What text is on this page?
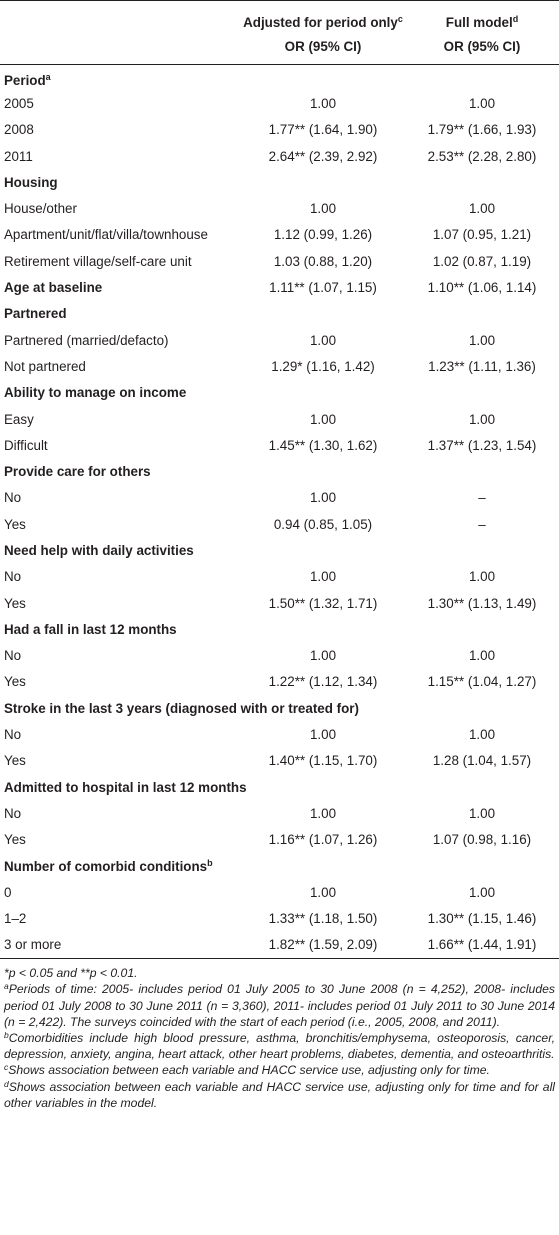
	Adjusted for period only$^c$	Full model$^d$
	OR (95% CI)	OR (95% CI)
Period$^a$		
2005	1.00	1.00
2008	1.77** (1.64, 1.90)	1.79** (1.66, 1.93)
2011	2.64** (2.39, 2.92)	2.53** (2.28, 2.80)
Housing		
House/other	1.00	1.00
Apartment/unit/flat/villa/townhouse	1.12 (0.99, 1.26)	1.07 (0.95, 1.21)
Retirement village/self-care unit	1.03 (0.88, 1.20)	1.02 (0.87, 1.19)
Age at baseline	1.11** (1.07, 1.15)	1.10** (1.06, 1.14)
Partnered		
Partnered (married/defacto)	1.00	1.00
Not partnered	1.29* (1.16, 1.42)	1.23** (1.11, 1.36)
Ability to manage on income		
Easy	1.00	1.00
Difficult	1.45** (1.30, 1.62)	1.37** (1.23, 1.54)
Provide care for others		
No	1.00	–
Yes	0.94 (0.85, 1.05)	–
Need help with daily activities		
No	1.00	1.00
Yes	1.50** (1.32, 1.71)	1.30** (1.13, 1.49)
Had a fall in last 12 months		
No	1.00	1.00
Yes	1.22** (1.12, 1.34)	1.15** (1.04, 1.27)
Stroke in the last 3 years (diagnosed with or treated for)		
No	1.00	1.00
Yes	1.40** (1.15, 1.70)	1.28 (1.04, 1.57)
Admitted to hospital in last 12 months		
No	1.00	1.00
Yes	1.16** (1.07, 1.26)	1.07 (0.98, 1.16)
Number of comorbid conditions$^b$		
0	1.00	1.00
1–2	1.33** (1.18, 1.50)	1.30** (1.15, 1.46)
3 or more	1.82** (1.59, 2.09)	1.66** (1.44, 1.91)

*p < 0.05 and **p < 0.01.

$^a$Periods of time: 2005- includes period 01 July 2005 to 30 June 2008 (n = 4,252), 2008- includes period 01 July 2008 to 30 June 2011 (n = 3,360), 2011- includes period 01 July 2011 to 30 June 2014 (n = 2,422). The surveys coincided with the start of each period (i.e., 2005, 2008, and 2011).

$^b$Comorbidities include high blood pressure, asthma, bronchitis/emphysema, osteoporosis, cancer, depression, anxiety, angina, heart attack, other heart problems, diabetes, dementia, and osteoarthritis.

$^c$Shows association between each variable and HACC service use, adjusting only for time.

$^d$Shows association between each variable and HACC service use, adjusting only for time and for all other variables in the model.
